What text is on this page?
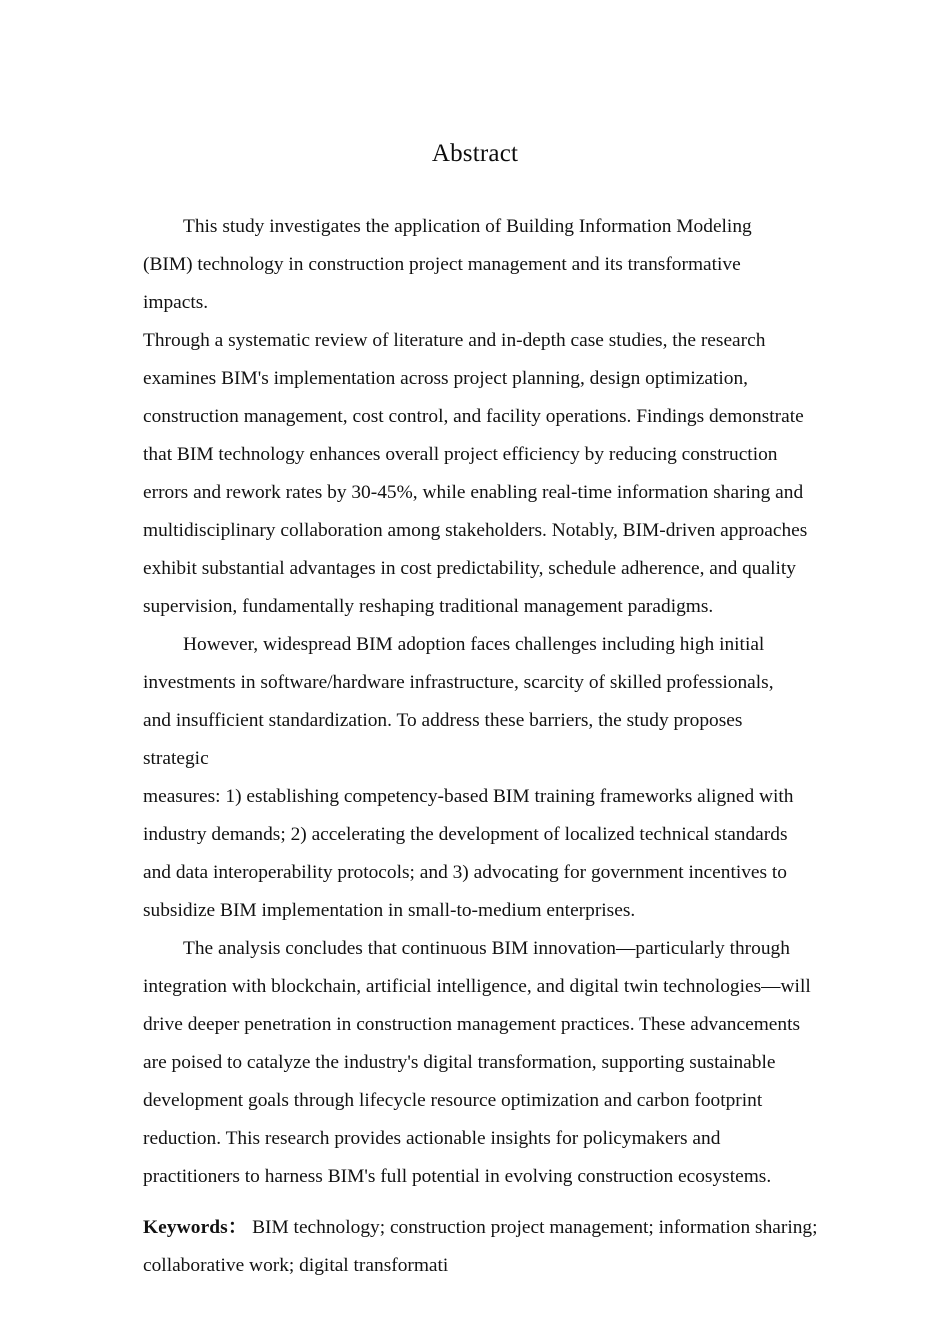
Abstract

This study investigates the application of Building Information Modeling
(BIM) technology in construction project management and its transformative
impacts.
Through a systematic review of literature and in-depth case studies, the research
examines BIM's implementation across project planning, design optimization,
construction management, cost control, and facility operations. Findings demonstrate
that BIM technology enhances overall project efficiency by reducing construction
errors and rework rates by 30-45%, while enabling real-time information sharing and
multidisciplinary collaboration among stakeholders. Notably, BIM-driven approaches
exhibit substantial advantages in cost predictability, schedule adherence, and quality
supervision, fundamentally reshaping traditional management paradigms.

However, widespread BIM adoption faces challenges including high initial
investments in software/hardware infrastructure, scarcity of skilled professionals,
and insufficient standardization. To address these barriers, the study proposes
strategic
measures: 1) establishing competency-based BIM training frameworks aligned with
industry demands; 2) accelerating the development of localized technical standards
and data interoperability protocols; and 3) advocating for government incentives to
subsidize BIM implementation in small-to-medium enterprises.

The analysis concludes that continuous BIM innovation—particularly through
integration with blockchain, artificial intelligence, and digital twin technologies—will
drive deeper penetration in construction management practices. These advancements
are poised to catalyze the industry's digital transformation, supporting sustainable
development goals through lifecycle resource optimization and carbon footprint
reduction. This research provides actionable insights for policymakers and
practitioners to harness BIM's full potential in evolving construction ecosystems.

Keywords： BIM technology; construction project management; information sharing;
collaborative work; digital transformati
